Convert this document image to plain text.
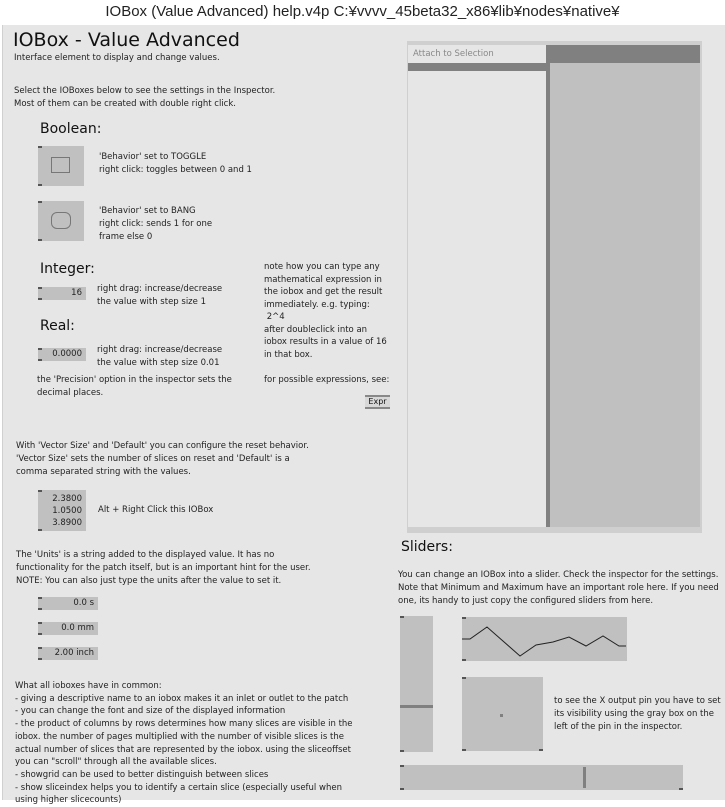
IOBox (Value Advanced) help.v4p C:¥vvvv_45beta32_x86¥lib¥nodes¥native¥
IOBox - Value Advanced
Interface element to display and change values.
Select the IOBoxes below to see the settings in the Inspector.
Most of them can be created with double right click.
Boolean:
'Behavior' set to TOGGLE
right click: toggles between 0 and 1
'Behavior' set to BANG
right click: sends 1 for one
frame else 0
Integer:
16 right drag: increase/decrease
the value with step size 1
Real:
0.0000 right drag: increase/decrease
the value with step size 0.01
the 'Precision' option in the inspector sets the
decimal places.
note how you can type any
mathematical expression in
the iobox and get the result
immediately. e.g. typing:
2^4
after doubleclick into an
iobox results in a value of 16
in that box.
for possible expressions, see:
Expr
With 'Vector Size' and 'Default' you can configure the reset behavior.
'Vector Size' sets the number of slices on reset and 'Default' is a
comma separated string with the values.
2.3800
1.0500
3.8900
Alt + Right Click this IOBox
The 'Units' is a string added to the displayed value. It has no
functionality for the patch itself, but is an important hint for the user.
NOTE: You can also just type the units after the value to set it.
0.0 s
0.0 mm
2.00 inch
What all ioboxes have in common:
- giving a descriptive name to an iobox makes it an inlet or outlet to the patch
- you can change the font and size of the displayed information
- the product of columns by rows determines how many slices are visible in the
iobox. the number of pages multiplied with the number of visible slices is the
actual number of slices that are represented by the iobox. using the sliceoffset
you can "scroll" through all the available slices.
- showgrid can be used to better distinguish between slices
- show sliceindex helps you to identify a certain slice (especially useful when
using higher slicecounts)
Attach to Selection
Sliders:
You can change an IOBox into a slider. Check the inspector for the settings.
Note that Minimum and Maximum have an important role here. If you need
one, its handy to just copy the configured sliders from here.
to see the X output pin you have to set
its visibility using the gray box on the
left of the pin in the inspector.
